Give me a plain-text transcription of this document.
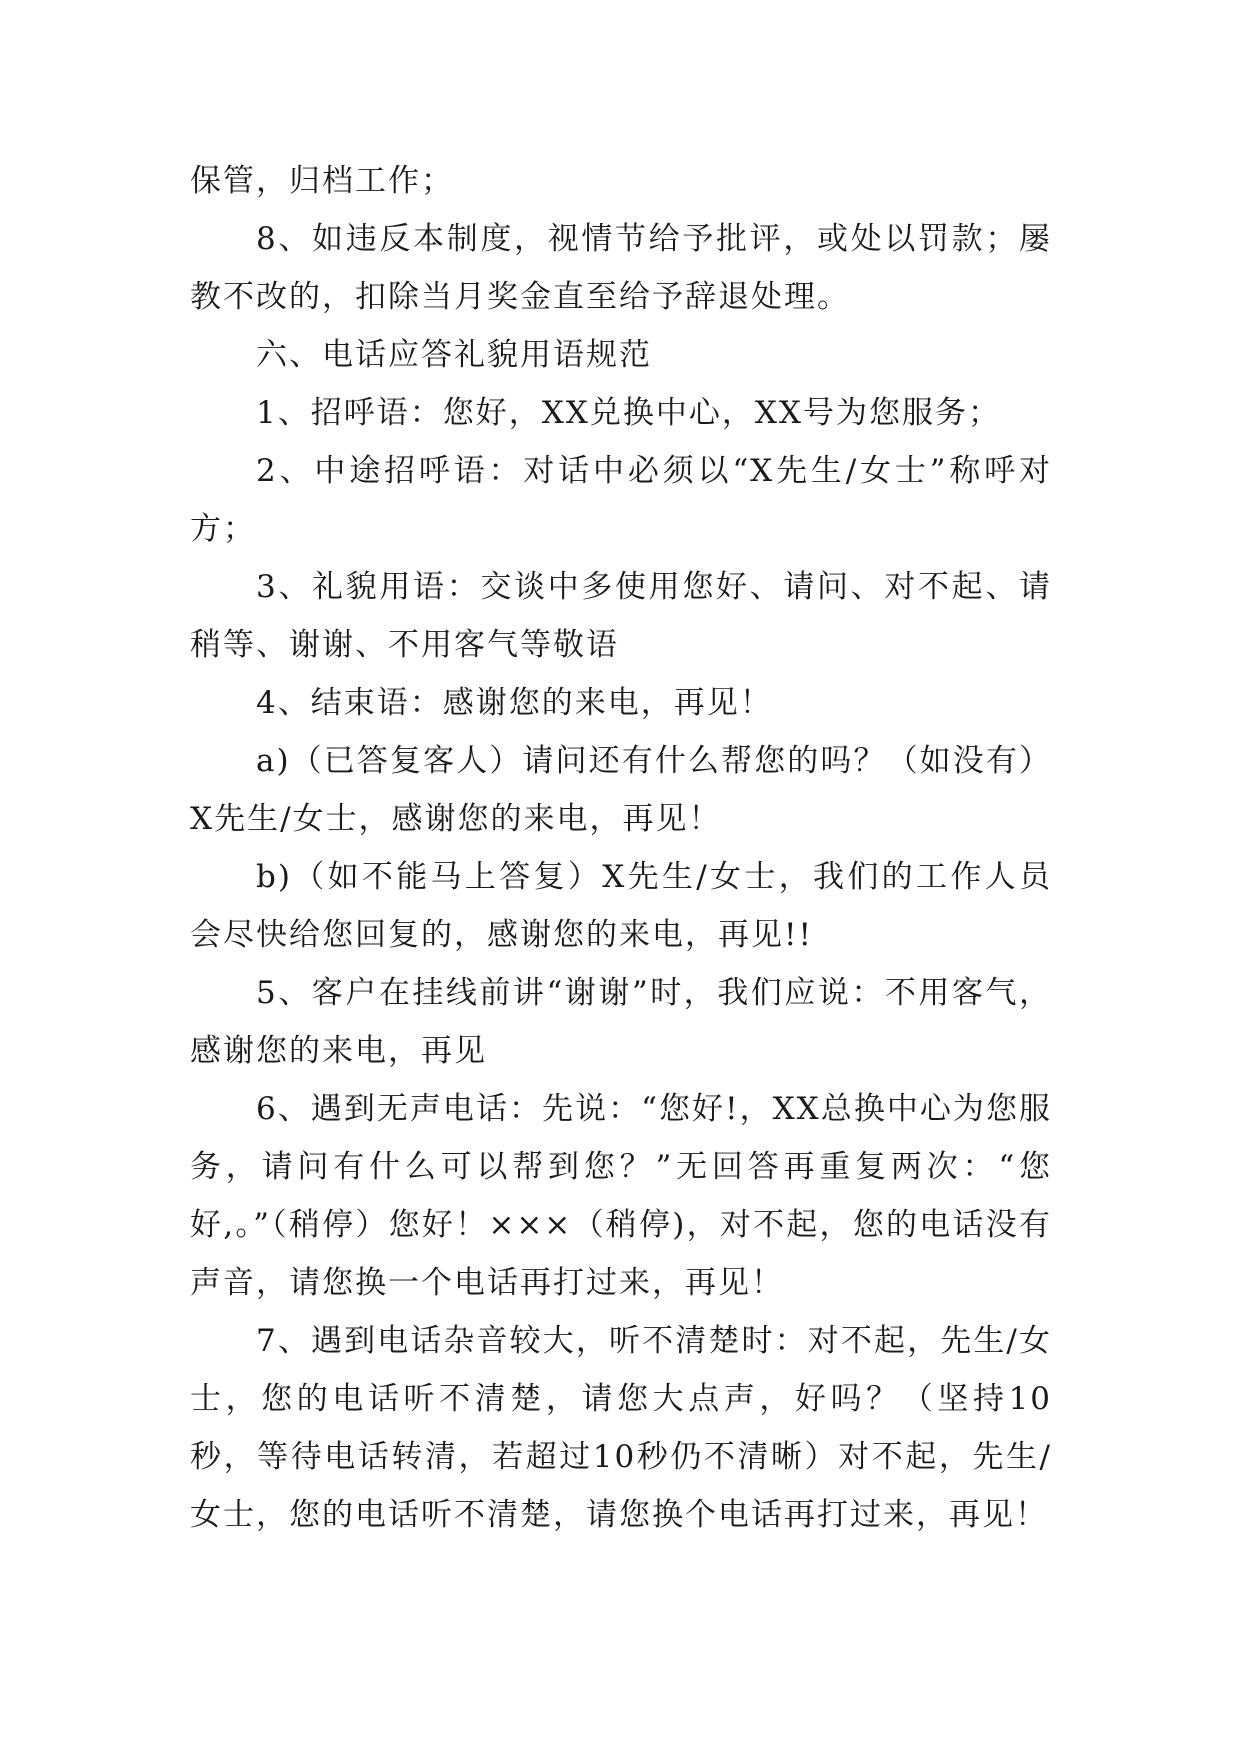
保管，归档工作；

8、如违反本制度，视情节给予批评，或处以罚款；屡教不改的，扣除当月奖金直至给予辞退处理。

六、电话应答礼貌用语规范

1、招呼语：您好，XX兑换中心，XX号为您服务；

2、中途招呼语：对话中必须以“X先生/女士”称呼对方；

3、礼貌用语：交谈中多使用您好、请问、对不起、请稍等、谢谢、不用客气等敬语

4、结束语：感谢您的来电，再见！

a)（已答复客人）请问还有什么帮您的吗？（如没有）X先生/女士，感谢您的来电，再见！

b)（如不能马上答复）X先生/女士，我们的工作人员会尽快给您回复的，感谢您的来电，再见!!

5、客户在挂线前讲“谢谢”时，我们应说：不用客气，感谢您的来电，再见

6、遇到无声电话：先说：“您好!，XX总换中心为您服务，请问有什么可以帮到您？”无回答再重复两次：“您好,。”（稍停）您好！×××（稍停)，对不起，您的电话没有声音，请您换一个电话再打过来，再见！

7、遇到电话杂音较大，听不清楚时：对不起，先生/女士，您的电话听不清楚，请您大点声，好吗？（坚持10秒，等待电话转清，若超过10秒仍不清晰）对不起，先生/女士，您的电话听不清楚，请您换个电话再打过来，再见！
